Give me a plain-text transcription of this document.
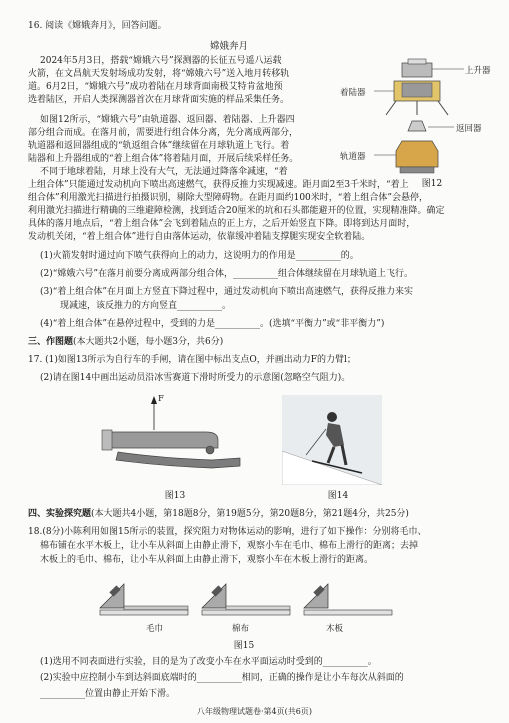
16. 阅读《嫦娥奔月》，回答问题。
嫦娥奔月
2024年5月3日，搭载“嫦娥六号”探测器的长征五号遥八运载
火箭，在文昌航天发射场成功发射，将“嫦娥六号”送入地月转移轨
道。6月2日，“嫦娥六号”成功着陆在月球背面南极艾特肯盆地预
选着陆区，开启人类探测器首次在月球背面实施的样品采集任务。
如图12所示，“嫦娥六号”由轨道器、返回器、着陆器、上升器四
部分组合而成。在落月前，需要进行组合体分离，先分离成两部分，
轨道器和返回器组成的“轨返组合体”继续留在月球轨道上飞行。着
陆器和上升器组成的“着上组合体”将着陆月面，开展后续采样任务。
不同于地球着陆，月球上没有大气，无法通过降落伞减速，“着
上组合体”只能通过发动机向下喷出高速燃气，获得反推力实现减速。距月面2至3千米时，“着上
组合体”利用激光扫描进行拍摄识别，剔除大型障碍物。在距月面约100米时，“着上组合体”会悬停，
利用激光扫描进行精确的三维避障检测，找到适合20厘米的坑和石头都能避开的位置，实现精准降。确定
具体的落月地点后，“着上组合体”会飞到着陆点的正上方，之后开始竖直下降。即将到达月面时，
发动机关闭，“着上组合体”进行自由落体运动，依靠缓冲着陆支撑腿实现安全软着陆。
上升器
着陆器
返回器
轨道器
图12
(1)火箭发射时通过向下喷气获得向上的动力，这说明力的作用是__________的。
(2)“嫦娥六号”在落月前要分离成两部分组合体，__________组合体继续留在月球轨道上飞行。
(3)“着上组合体”在月面上方竖直下降过程中，通过发动机向下喷出高速燃气，获得反推力来实
现减速，该反推力的方向竖直__________。
(4)“着上组合体”在悬停过程中，受到的力是__________。(选填“平衡力”或“非平衡力”)
三、作图题(本大题共2小题，每小题3分，共6分)
17. (1)如图13所示为自行车的手闸，请在图中标出支点O，并画出动力F的力臂l；
(2)请在图14中画出运动员沿冰雪赛道下滑时所受力的示意图(忽略空气阻力)。
F
图13	图14
四、实验探究题(本大题共4小题，第18题8分，第19题5分，第20题8分，第21题4分，共25分)
18.(8分)小陈利用如图15所示的装置，探究阻力对物体运动的影响，进行了如下操作：分别将毛巾、
棉布铺在水平木板上，让小车从斜面上由静止滑下，观察小车在毛巾、棉布上滑行的距离；去掉
木板上的毛巾、棉布，让小车从斜面上由静止滑下，观察小车在木板上滑行的距离。
毛巾	棉布	木板
图15
(1)选用不同表面进行实验，目的是为了改变小车在水平面运动时受到的__________。
(2)实验中应控制小车到达斜面底端时的__________相同，正确的操作是让小车每次从斜面的
__________位置由静止开始下滑。
八年级物理试题卷·第4页(共6页)
